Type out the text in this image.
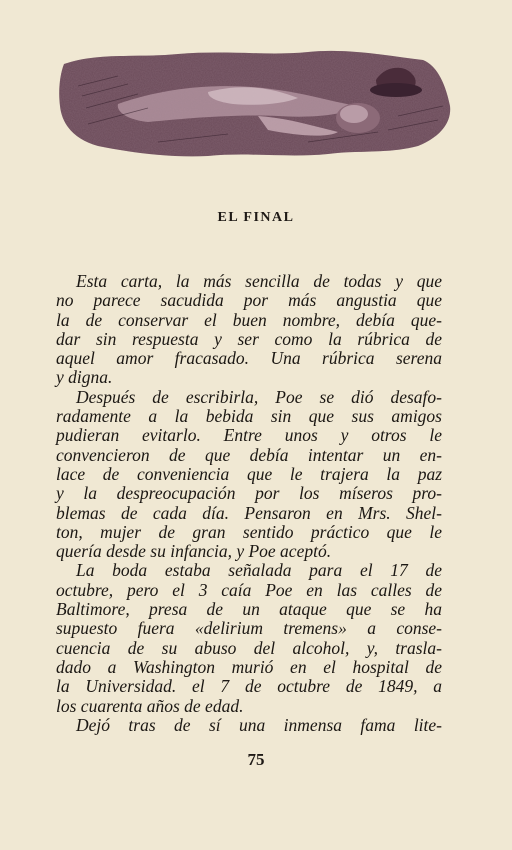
EL FINAL

Esta carta, la más sencilla de todas y que
no parece sacudida por más angustia que
la de conservar el buen nombre, debía que-
dar sin respuesta y ser como la rúbrica de
aquel amor fracasado. Una rúbrica serena
y digna.

Después de escribirla, Poe se dió desafo-
radamente a la bebida sin que sus amigos
pudieran evitarlo. Entre unos y otros le
convencieron de que debía intentar un en-
lace de conveniencia que le trajera la paz
y la despreocupación por los míseros pro-
blemas de cada día. Pensaron en Mrs. Shel-
ton, mujer de gran sentido práctico que le
quería desde su infancia, y Poe aceptó.

La boda estaba señalada para el 17 de
octubre, pero el 3 caía Poe en las calles de
Baltimore, presa de un ataque que se ha
supuesto fuera «delirium tremens» a conse-
cuencia de su abuso del alcohol, y, trasla-
dado a Washington murió en el hospital de
la Universidad. el 7 de octubre de 1849, a
los cuarenta años de edad.

Dejó tras de sí una inmensa fama lite-

75
